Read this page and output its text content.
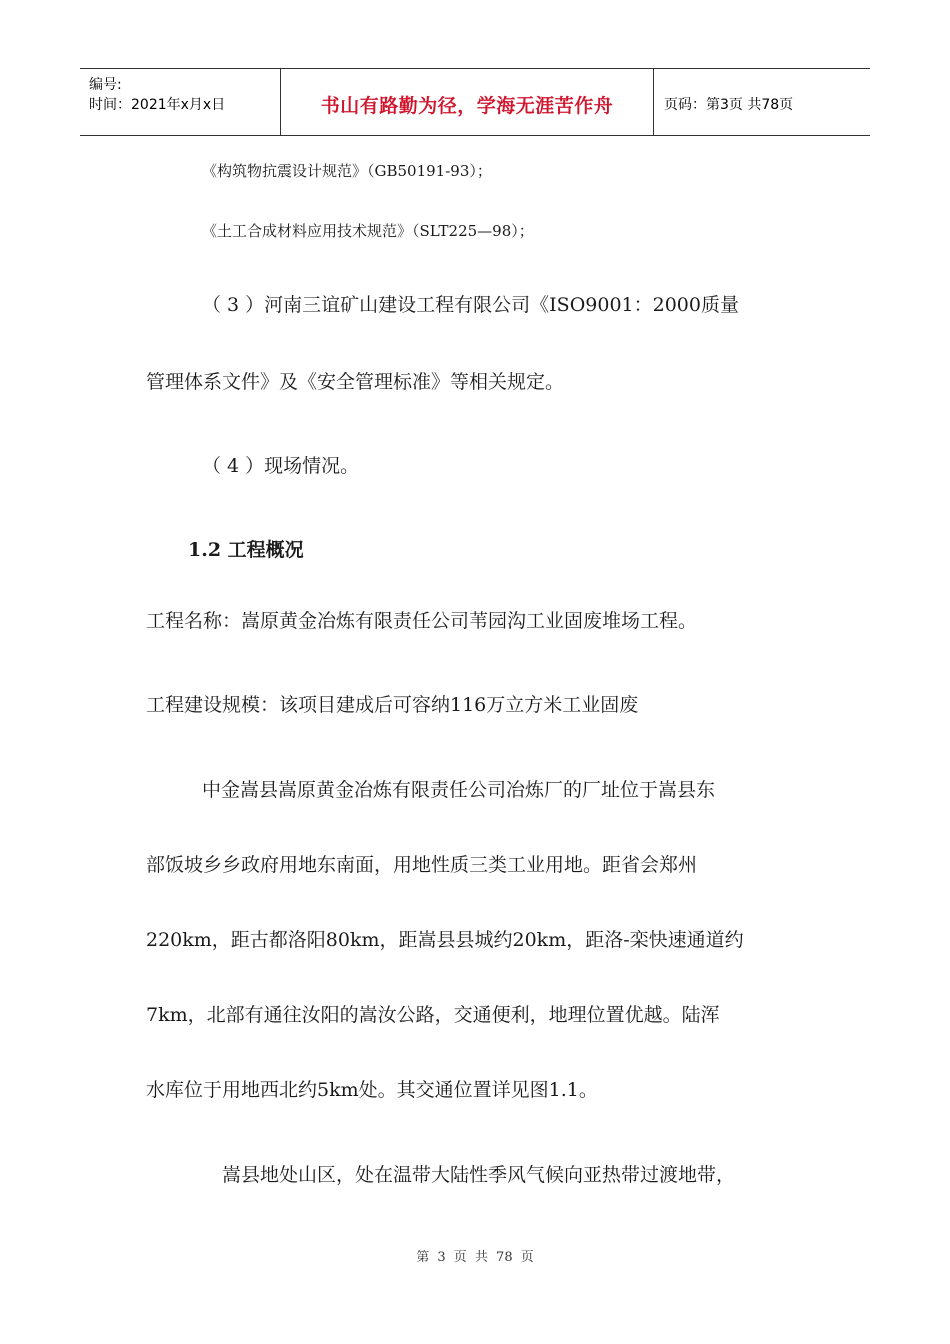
编号:
时间：2021年x月x日	书山有路勤为径，学海无涯苦作舟	页码：第3页 共78页
《构筑物抗震设计规范》（GB50191-93）；
《土工合成材料应用技术规范》（SLT225—98）；
（ 3 ）河南三谊矿山建设工程有限公司《ISO9001：2000质量
管理体系文件》及《安全管理标准》等相关规定。
（ 4 ）现场情况。
1.2 工程概况
工程名称：嵩原黄金冶炼有限责任公司苇园沟工业固废堆场工程。
工程建设规模：该项目建成后可容纳116万立方米工业固废
中金嵩县嵩原黄金冶炼有限责任公司冶炼厂的厂址位于嵩县东
部饭坡乡乡政府用地东南面，用地性质三类工业用地。距省会郑州
220km，距古都洛阳80km，距嵩县县城约20km，距洛-栾快速通道约
7km，北部有通往汝阳的嵩汝公路，交通便利，地理位置优越。陆浑
水库位于用地西北约5km处。其交通位置详见图1.1。
嵩县地处山区，处在温带大陆性季风气候向亚热带过渡地带，
第 3 页 共 78 页
